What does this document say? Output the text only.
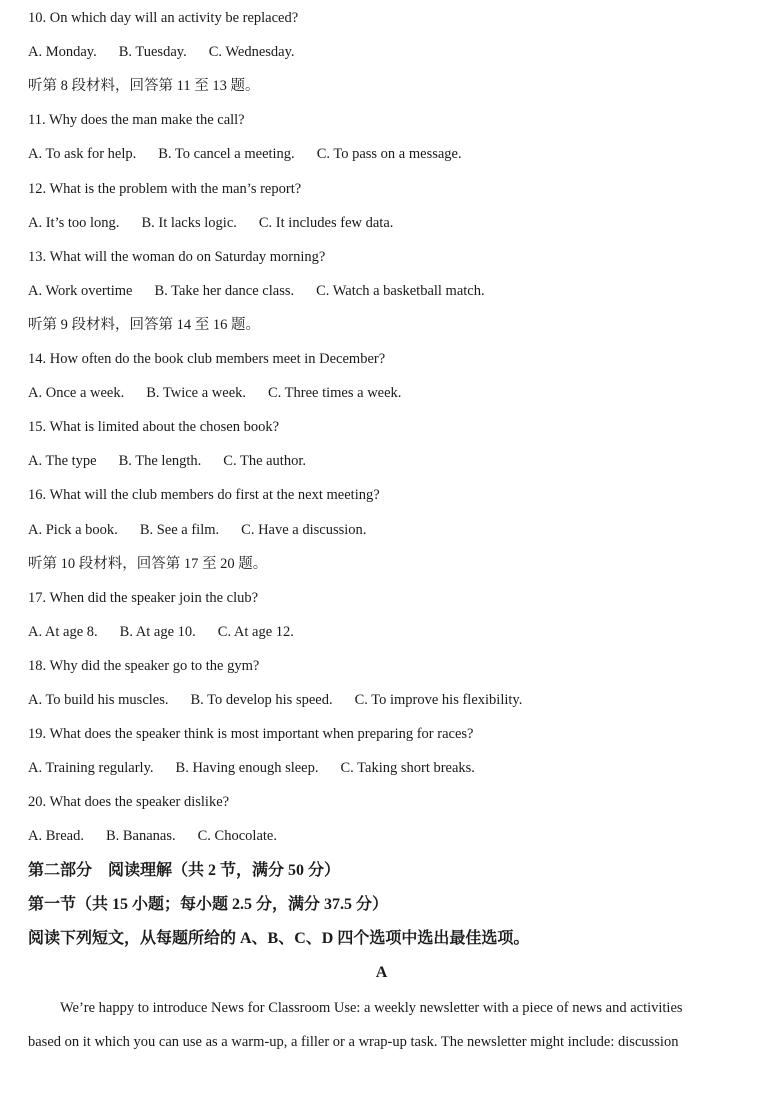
10. On which day will an activity be replaced?
A. Monday. B. Tuesday. C. Wednesday.
听第 8 段材料，回答第 11 至 13 题。
11. Why does the man make the call?
A. To ask for help. B. To cancel a meeting. C. To pass on a message.
12. What is the problem with the man’s report?
A. It’s too long. B. It lacks logic. C. It includes few data.
13. What will the woman do on Saturday morning?
A. Work overtime B. Take her dance class. C. Watch a basketball match.
听第 9 段材料，回答第 14 至 16 题。
14. How often do the book club members meet in December?
A. Once a week. B. Twice a week. C. Three times a week.
15. What is limited about the chosen book?
A. The type B. The length. C. The author.
16. What will the club members do first at the next meeting?
A. Pick a book. B. See a film. C. Have a discussion.
听第 10 段材料，回答第 17 至 20 题。
17. When did the speaker join the club?
A. At age 8. B. At age 10. C. At age 12.
18. Why did the speaker go to the gym?
A. To build his muscles. B. To develop his speed. C. To improve his flexibility.
19. What does the speaker think is most important when preparing for races?
A. Training regularly. B. Having enough sleep. C. Taking short breaks.
20. What does the speaker dislike?
A. Bread. B. Bananas. C. Chocolate.
第二部分　阅读理解（共 2 节，满分 50 分）
第一节（共 15 小题；每小题 2.5 分，满分 37.5 分）
阅读下列短文，从每题所给的 A、B、C、D 四个选项中选出最佳选项。
A
We’re happy to introduce News for Classroom Use: a weekly newsletter with a piece of news and activities
based on it which you can use as a warm-up, a filler or a wrap-up task. The newsletter might include: discussion
